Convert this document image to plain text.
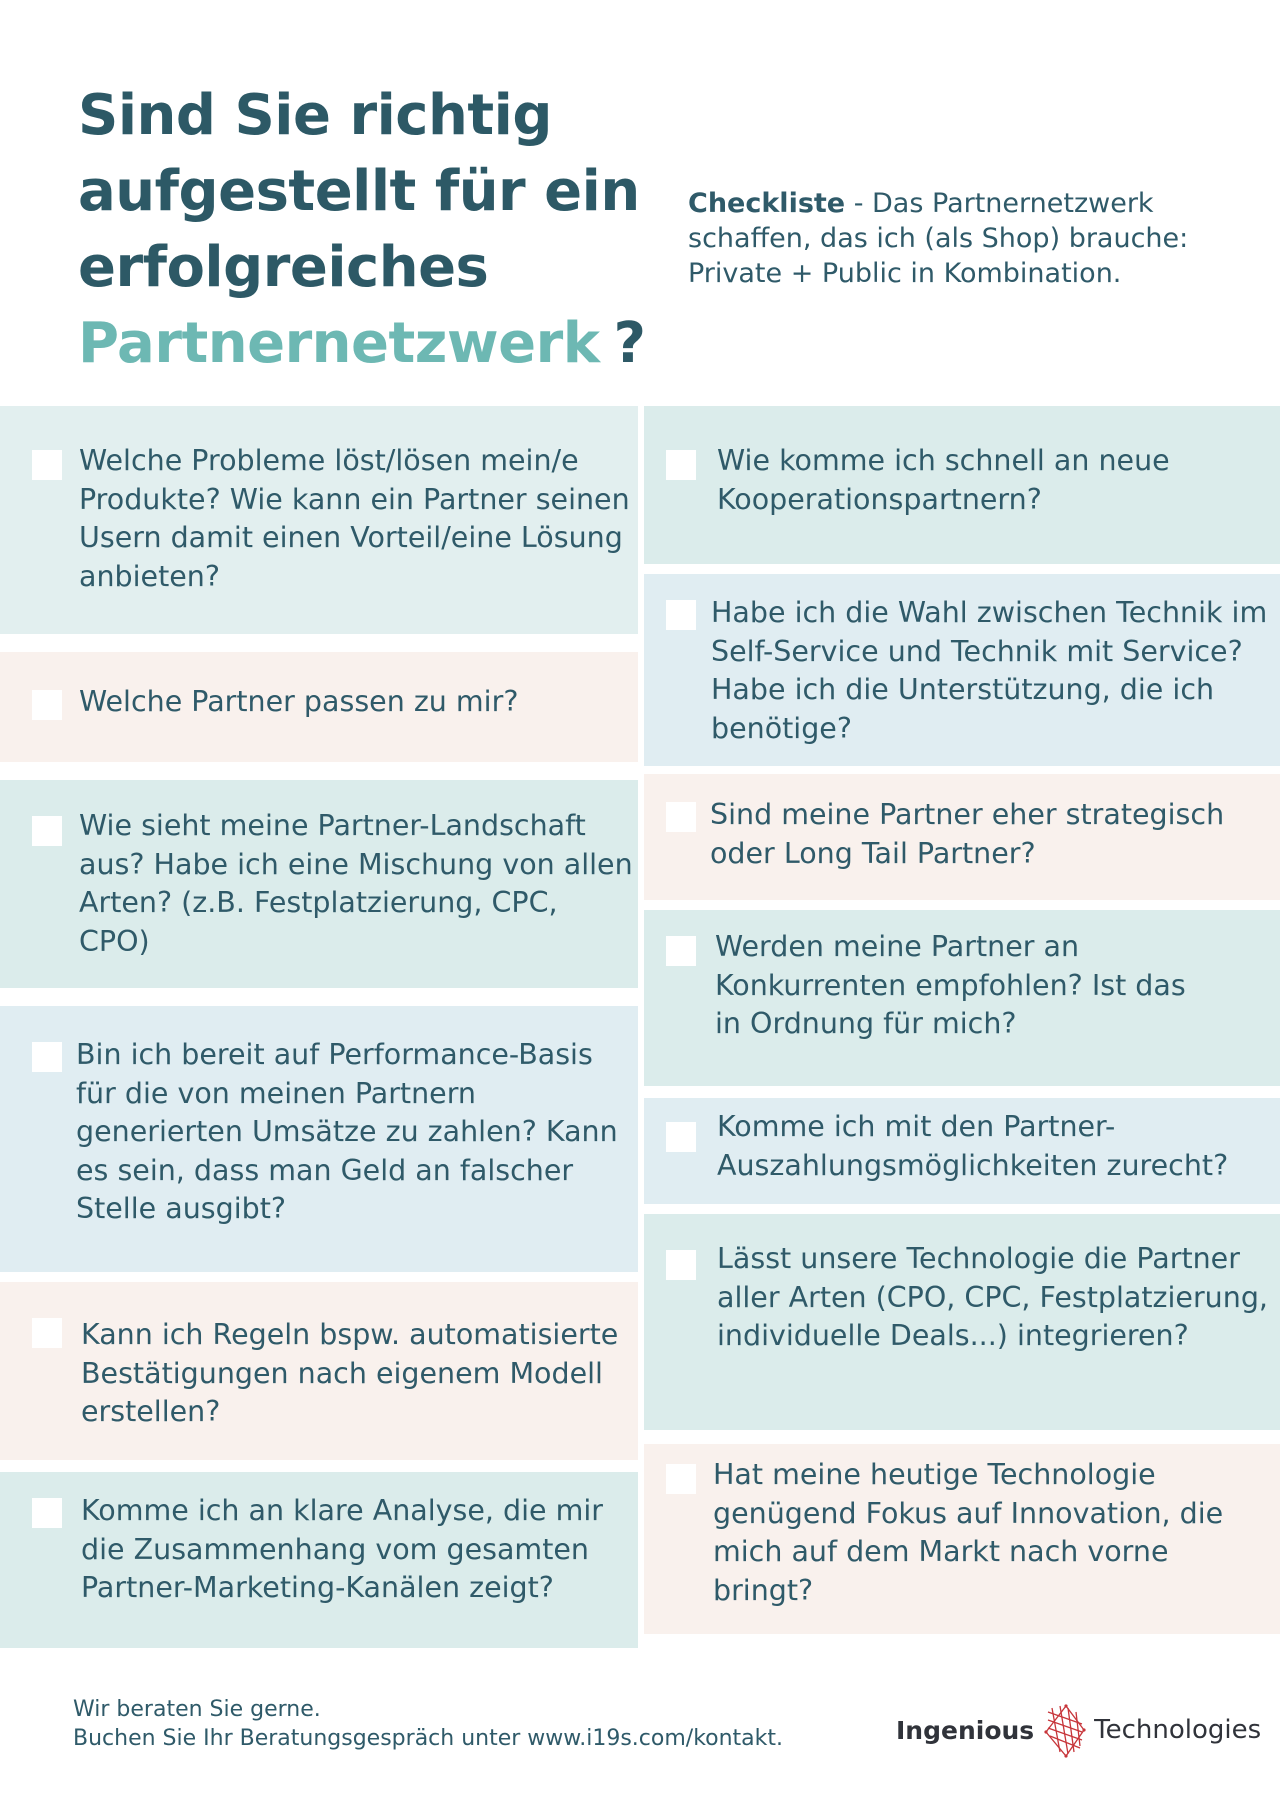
Sind Sie richtig
aufgestellt für ein
erfolgreiches
Partnernetzwerk ?
Checkliste - Das Partnernetzwerk schaffen, das ich (als Shop) brauche: Private + Public in Kombination.

Welche Probleme löst/lösen mein/e Produkte? Wie kann ein Partner seinen Usern damit einen Vorteil/eine Lösung anbieten?

Welche Partner passen zu mir?

Wie sieht meine Partner-Landschaft aus? Habe ich eine Mischung von allen Arten? (z.B. Festplatzierung, CPC, CPO)

Bin ich bereit auf Performance-Basis für die von meinen Partnern generierten Umsätze zu zahlen? Kann es sein, dass man Geld an falscher Stelle ausgibt?

Kann ich Regeln bspw. automatisierte Bestätigungen nach eigenem Modell erstellen?

Komme ich an klare Analyse, die mir die Zusammenhang vom gesamten Partner-Marketing-Kanälen zeigt?

Wie komme ich schnell an neue Kooperationspartnern?

Habe ich die Wahl zwischen Technik im Self-Service und Technik mit Service? Habe ich die Unterstützung, die ich benötige?

Sind meine Partner eher strategisch oder Long Tail Partner?

Werden meine Partner an Konkurrenten empfohlen? Ist das in Ordnung für mich?

Komme ich mit den Partner-Auszahlungsmöglichkeiten zurecht?

Lässt unsere Technologie die Partner aller Arten (CPO, CPC, Festplatzierung, individuelle Deals...) integrieren?

Hat meine heutige Technologie genügend Fokus auf Innovation, die mich auf dem Markt nach vorne bringt?

Wir beraten Sie gerne.
Buchen Sie Ihr Beratungsgespräch unter www.i19s.com/kontakt.	Ingenious Technologies
